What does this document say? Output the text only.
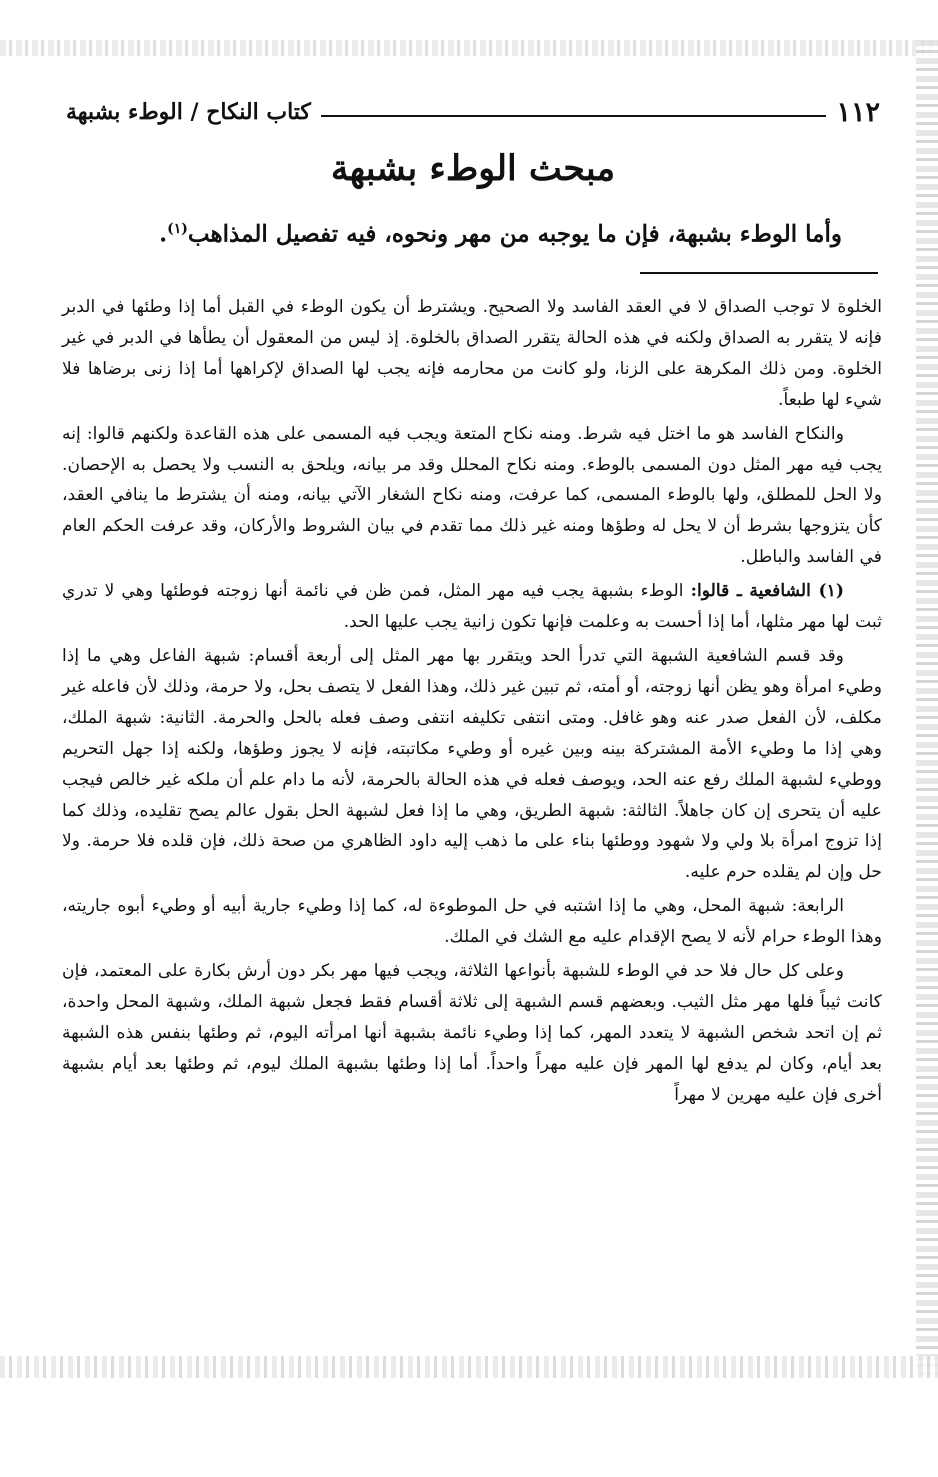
١١٢
كتاب النكاح / الوطء بشبهة
مبحث الوطء بشبهة

وأما الوطء بشبهة، فإن ما يوجبه من مهر ونحوه، فيه تفصيل المذاهب$^{(١)}$.

الخلوة لا توجب الصداق لا في العقد الفاسد ولا الصحيح. ويشترط أن يكون الوطء في القبل أما إذا وطئها في الدبر فإنه لا يتقرر به الصداق ولكنه في هذه الحالة يتقرر الصداق بالخلوة. إذ ليس من المعقول أن يطأها في الدبر في غير الخلوة. ومن ذلك المكرهة على الزنا، ولو كانت من محارمه فإنه يجب لها الصداق لإكراهها أما إذا زنى برضاها فلا شيء لها طبعاً.

والنكاح الفاسد هو ما اختل فيه شرط. ومنه نكاح المتعة ويجب فيه المسمى على هذه القاعدة ولكنهم قالوا: إنه يجب فيه مهر المثل دون المسمى بالوطء. ومنه نكاح المحلل وقد مر بيانه، ويلحق به النسب ولا يحصل به الإحصان. ولا الحل للمطلق، ولها بالوطء المسمى، كما عرفت، ومنه نكاح الشغار الآتي بيانه، ومنه أن يشترط ما ينافي العقد، كأن يتزوجها بشرط أن لا يحل له وطؤها ومنه غير ذلك مما تقدم في بيان الشروط والأركان، وقد عرفت الحكم العام في الفاسد والباطل.

(١) الشافعية ـ قالوا: الوطء بشبهة يجب فيه مهر المثل، فمن ظن في نائمة أنها زوجته فوطئها وهي لا تدري ثبت لها مهر مثلها، أما إذا أحست به وعلمت فإنها تكون زانية يجب عليها الحد.

وقد قسم الشافعية الشبهة التي تدرأ الحد ويتقرر بها مهر المثل إلى أربعة أقسام: شبهة الفاعل وهي ما إذا وطيء امرأة وهو يظن أنها زوجته، أو أمته، ثم تبين غير ذلك، وهذا الفعل لا يتصف بحل، ولا حرمة، وذلك لأن فاعله غير مكلف، لأن الفعل صدر عنه وهو غافل. ومتى انتفى تكليفه انتفى وصف فعله بالحل والحرمة. الثانية: شبهة الملك، وهي إذا ما وطيء الأمة المشتركة بينه وبين غيره أو وطيء مكاتبته، فإنه لا يجوز وطؤها، ولكنه إذا جهل التحريم ووطيء لشبهة الملك رفع عنه الحد، ويوصف فعله في هذه الحالة بالحرمة، لأنه ما دام علم أن ملكه غير خالص فيجب عليه أن يتحرى إن كان جاهلاً. الثالثة: شبهة الطريق، وهي ما إذا فعل لشبهة الحل بقول عالم يصح تقليده، وذلك كما إذا تزوج امرأة بلا ولي ولا شهود ووطئها بناء على ما ذهب إليه داود الظاهري من صحة ذلك، فإن قلده فلا حرمة. ولا حل وإن لم يقلده حرم عليه.

الرابعة: شبهة المحل، وهي ما إذا اشتبه في حل الموطوءة له، كما إذا وطيء جارية أبيه أو وطيء أبوه جاريته، وهذا الوطء حرام لأنه لا يصح الإقدام عليه مع الشك في الملك.

وعلى كل حال فلا حد في الوطء للشبهة بأنواعها الثلاثة، ويجب فيها مهر بكر دون أرش بكارة على المعتمد، فإن كانت ثيباً فلها مهر مثل الثيب. وبعضهم قسم الشبهة إلى ثلاثة أقسام فقط فجعل شبهة الملك، وشبهة المحل واحدة، ثم إن اتحد شخص الشبهة لا يتعدد المهر، كما إذا وطيء نائمة بشبهة أنها امرأته اليوم، ثم وطئها بنفس هذه الشبهة بعد أيام، وكان لم يدفع لها المهر فإن عليه مهراً واحداً. أما إذا وطئها بشبهة الملك ليوم، ثم وطئها بعد أيام بشبهة أخرى فإن عليه مهرين لا مهراً
